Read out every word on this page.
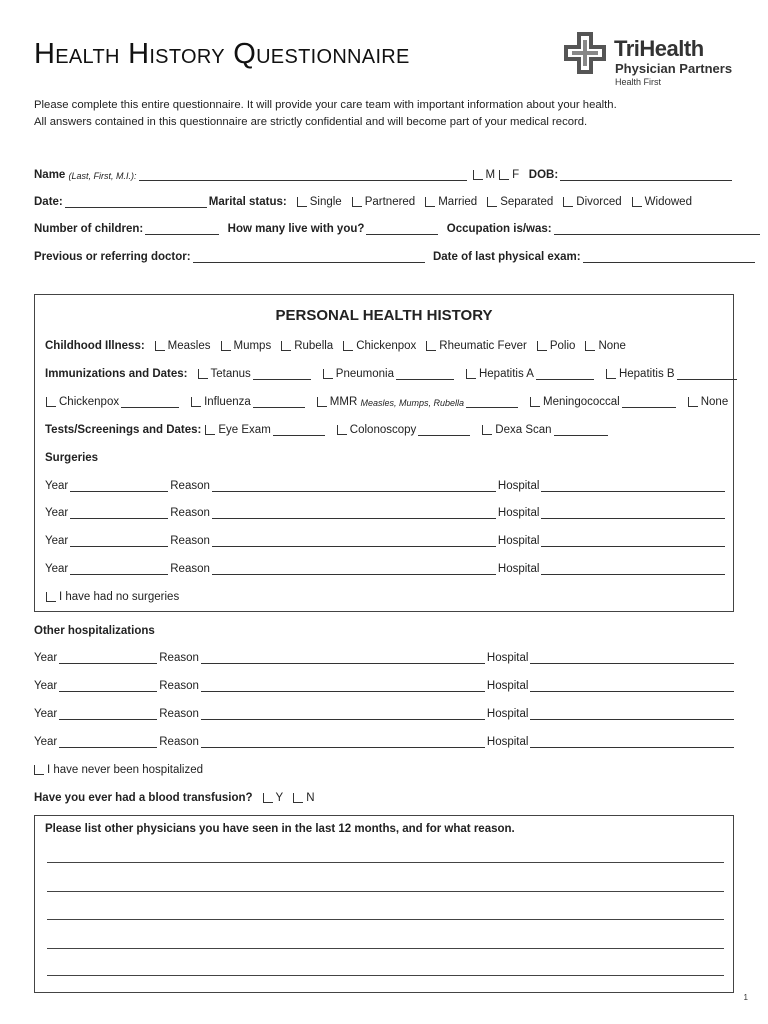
Health History Questionnaire	TriHealth
Physician Partners
Health First
Please complete this entire questionnaire. It will provide your care team with important information about your health.
All answers contained in this questionnaire are strictly confidential and will become part of your medical record.
Name
(Last, First, M.I.):	M F
DOB:
Date:	Marital status: Single Partnered Married Separated Divorced Widowed
Number of children:
	How many live with you?
	Occupation is/was:
Previous or referring doctor:
	Date of last physical exam:
PERSONAL HEALTH HISTORY
Childhood Illness: Measles Mumps Rubella Chickenpox Rheumatic Fever Polio None
Immunizations and Dates: Tetanus	Pneumonia	Hepatitis A	Hepatitis B
Chickenpox	Influenza	MMR
Measles, Mumps, Rubella	Meningococcal	None
Tests/Screenings and Dates: Eye Exam	Colonoscopy	Dexa Scan
Surgeries
Year	Reason	Hospital
Year	Reason	Hospital
Year	Reason	Hospital
Year	Reason	Hospital
I have had no surgeries
Other hospitalizations
Year	Reason	Hospital
Year	Reason	Hospital
Year	Reason	Hospital
Year	Reason	Hospital
I have never been hospitalized
Have you ever had a blood transfusion? Y N
Please list other physicians you have seen in the last 12 months, and for what reason.
1
